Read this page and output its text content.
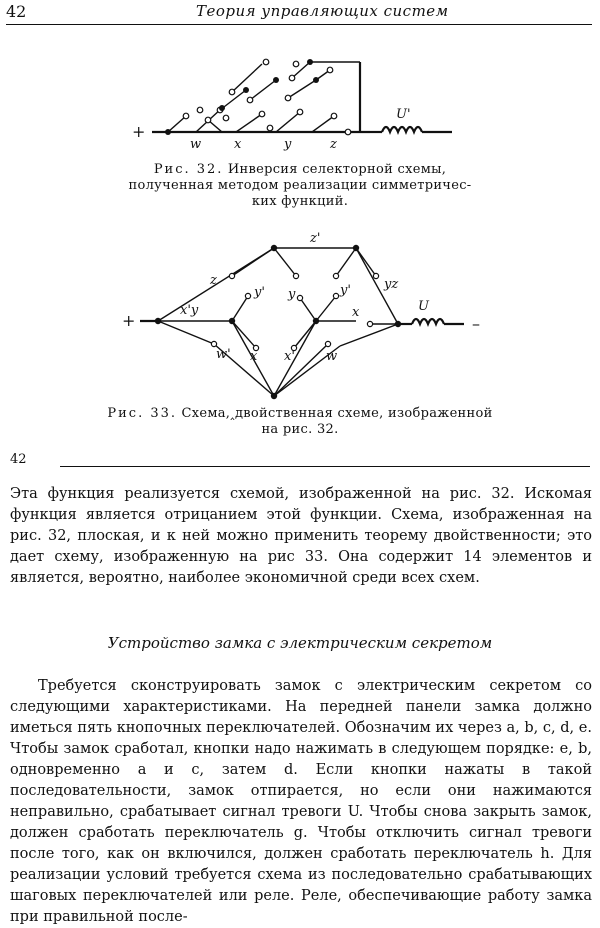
42	Теория управляющих систем
+
w	x	y	z
U'
Рис. 32. Инверсия селекторной схемы,
полученная методом реализации симметричес-
ких функций.
+	–
z'
z
x'y
y' y	y'	yz
x	U
w' x x' w
Рис. 33. Схема,‸двойственная схеме, изображенной
на рис. 32.
42

Эта функция реализуется схемой, изображенной на рис. 32. Искомая функция является отрицанием этой функции. Схема, изображенная на рис. 32, плоская, и к ней можно применить теорему двойственности; это дает схему, изображенную на рис 33. Она содержит 14 элементов и является, вероятно, наиболее экономичной среди всех схем.

Устройство замка с электрическим секретом

Требуется сконструировать замок с электрическим секретом со следующими характеристиками. На передней панели замка должно иметься пять кнопочных переключателей. Обозначим их через a, b, c, d, e. Чтобы замок сработал, кнопки надо нажимать в следующем порядке: e, b, одновременно a и c, затем d. Если кнопки нажаты в такой последовательности, замок отпирается, но если они нажимаются неправильно, срабатывает сигнал тревоги U. Чтобы снова закрыть замок, должен сработать переключатель g. Чтобы отключить сигнал тревоги после того, как он включился, должен сработать переключатель h. Для реализации условий требуется схема из последовательно срабатывающих шаговых переключателей или реле. Реле, обеспечивающие работу замка при правильной после-
